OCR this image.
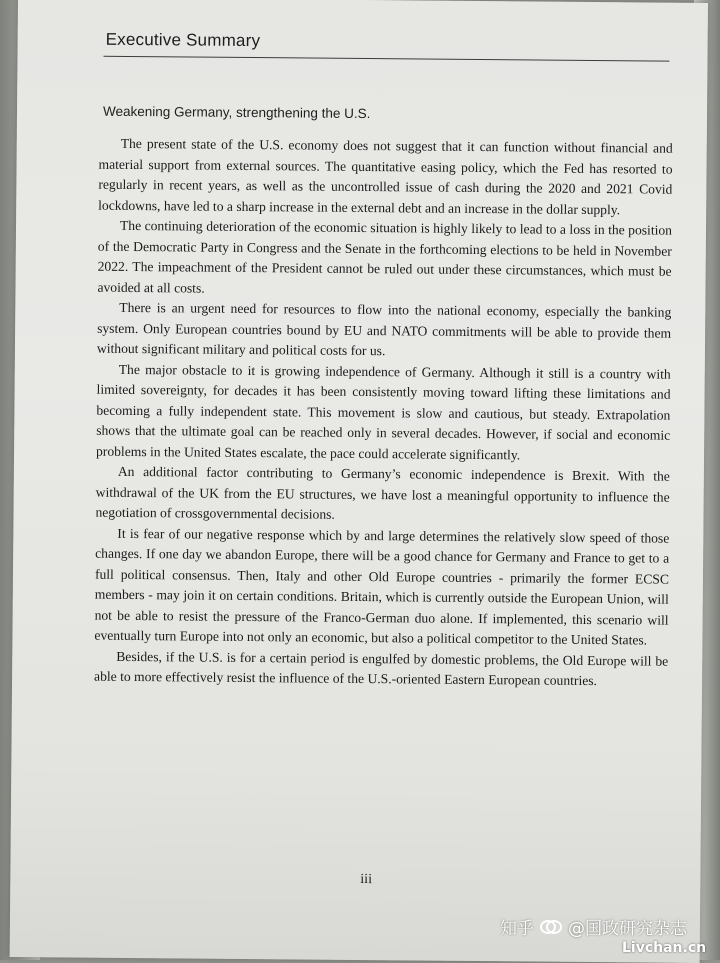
Executive Summary
Weakening Germany, strengthening the U.S.

The present state of the U.S. economy does not suggest that it can function without financial and material support from external sources. The quantitative easing policy, which the Fed has resorted to regularly in recent years, as well as the uncontrolled issue of cash during the 2020 and 2021 Covid lockdowns, have led to a sharp increase in the external debt and an increase in the dollar supply.

The continuing deterioration of the economic situation is highly likely to lead to a loss in the position of the Democratic Party in Congress and the Senate in the forthcoming elections to be held in November 2022. The impeachment of the President cannot be ruled out under these circumstances, which must be avoided at all costs.

There is an urgent need for resources to flow into the national economy, especially the banking system. Only European countries bound by EU and NATO commitments will be able to provide them without significant military and political costs for us.

The major obstacle to it is growing independence of Germany. Although it still is a country with limited sovereignty, for decades it has been consistently moving toward lifting these limitations and becoming a fully independent state. This movement is slow and cautious, but steady. Extrapolation shows that the ultimate goal can be reached only in several decades. However, if social and economic problems in the United States escalate, the pace could accelerate significantly.

An additional factor contributing to Germany’s economic independence is Brexit. With the withdrawal of the UK from the EU structures, we have lost a meaningful opportunity to influence the negotiation of crossgovernmental decisions.

It is fear of our negative response which by and large determines the relatively slow speed of those changes. If one day we abandon Europe, there will be a good chance for Germany and France to get to a full political consensus. Then, Italy and other Old Europe countries - primarily the former ECSC members - may join it on certain conditions. Britain, which is currently outside the European Union, will not be able to resist the pressure of the Franco-German duo alone. If implemented, this scenario will eventually turn Europe into not only an economic, but also a political competitor to the United States.

Besides, if the U.S. is for a certain period is engulfed by domestic problems, the Old Europe will be able to more effectively resist the influence of the U.S.-oriented Eastern European countries.

iii
知乎 @国政研究杂志
Livchan.cn
